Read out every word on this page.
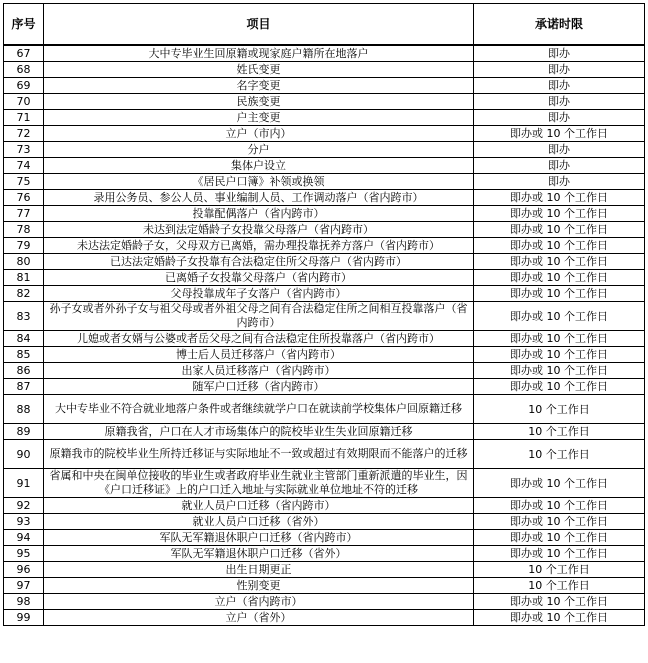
序号	项目	承诺时限
67	大中专毕业生回原籍或现家庭户籍所在地落户	即办
68	姓氏变更	即办
69	名字变更	即办
70	民族变更	即办
71	户主变更	即办
72	立户（市内）	即办或 10 个工作日
73	分户	即办
74	集体户设立	即办
75	《居民户口簿》补领或换领	即办
76	录用公务员、参公人员、事业编制人员、工作调动落户（省内跨市）	即办或 10 个工作日
77	投靠配偶落户（省内跨市）	即办或 10 个工作日
78	未达到法定婚龄子女投靠父母落户（省内跨市）	即办或 10 个工作日
79	未达法定婚龄子女，父母双方已离婚，需办理投靠抚养方落户（省内跨市）	即办或 10 个工作日
80	已达法定婚龄子女投靠有合法稳定住所父母落户（省内跨市）	即办或 10 个工作日
81	已离婚子女投靠父母落户（省内跨市）	即办或 10 个工作日
82	父母投靠成年子女落户（省内跨市）	即办或 10 个工作日
83	孙子女或者外孙子女与祖父母或者外祖父母之间有合法稳定住所之间相互投靠落户（省内跨市）	即办或 10 个工作日
84	儿媳或者女婿与公婆或者岳父母之间有合法稳定住所投靠落户（省内跨市）	即办或 10 个工作日
85	博士后人员迁移落户（省内跨市）	即办或 10 个工作日
86	出家人员迁移落户（省内跨市）	即办或 10 个工作日
87	随军户口迁移（省内跨市）	即办或 10 个工作日
88	大中专毕业不符合就业地落户条件或者继续就学户口在就读前学校集体户回原籍迁移	10 个工作日
89	原籍我省，户口在人才市场集体户的院校毕业生失业回原籍迁移	10 个工作日
90	原籍我市的院校毕业生所持迁移证与实际地址不一致或超过有效期限而不能落户的迁移	10 个工作日
91	省属和中央在闽单位接收的毕业生或者政府毕业生就业主管部门重新派遣的毕业生，因《户口迁移证》上的户口迁入地址与实际就业单位地址不符的迁移	即办或 10 个工作日
92	就业人员户口迁移（省内跨市）	即办或 10 个工作日
93	就业人员户口迁移（省外）	即办或 10 个工作日
94	军队无军籍退休职户口迁移（省内跨市）	即办或 10 个工作日
95	军队无军籍退休职户口迁移（省外）	即办或 10 个工作日
96	出生日期更正	10 个工作日
97	性别变更	10 个工作日
98	立户（省内跨市）	即办或 10 个工作日
99	立户（省外）	即办或 10 个工作日
